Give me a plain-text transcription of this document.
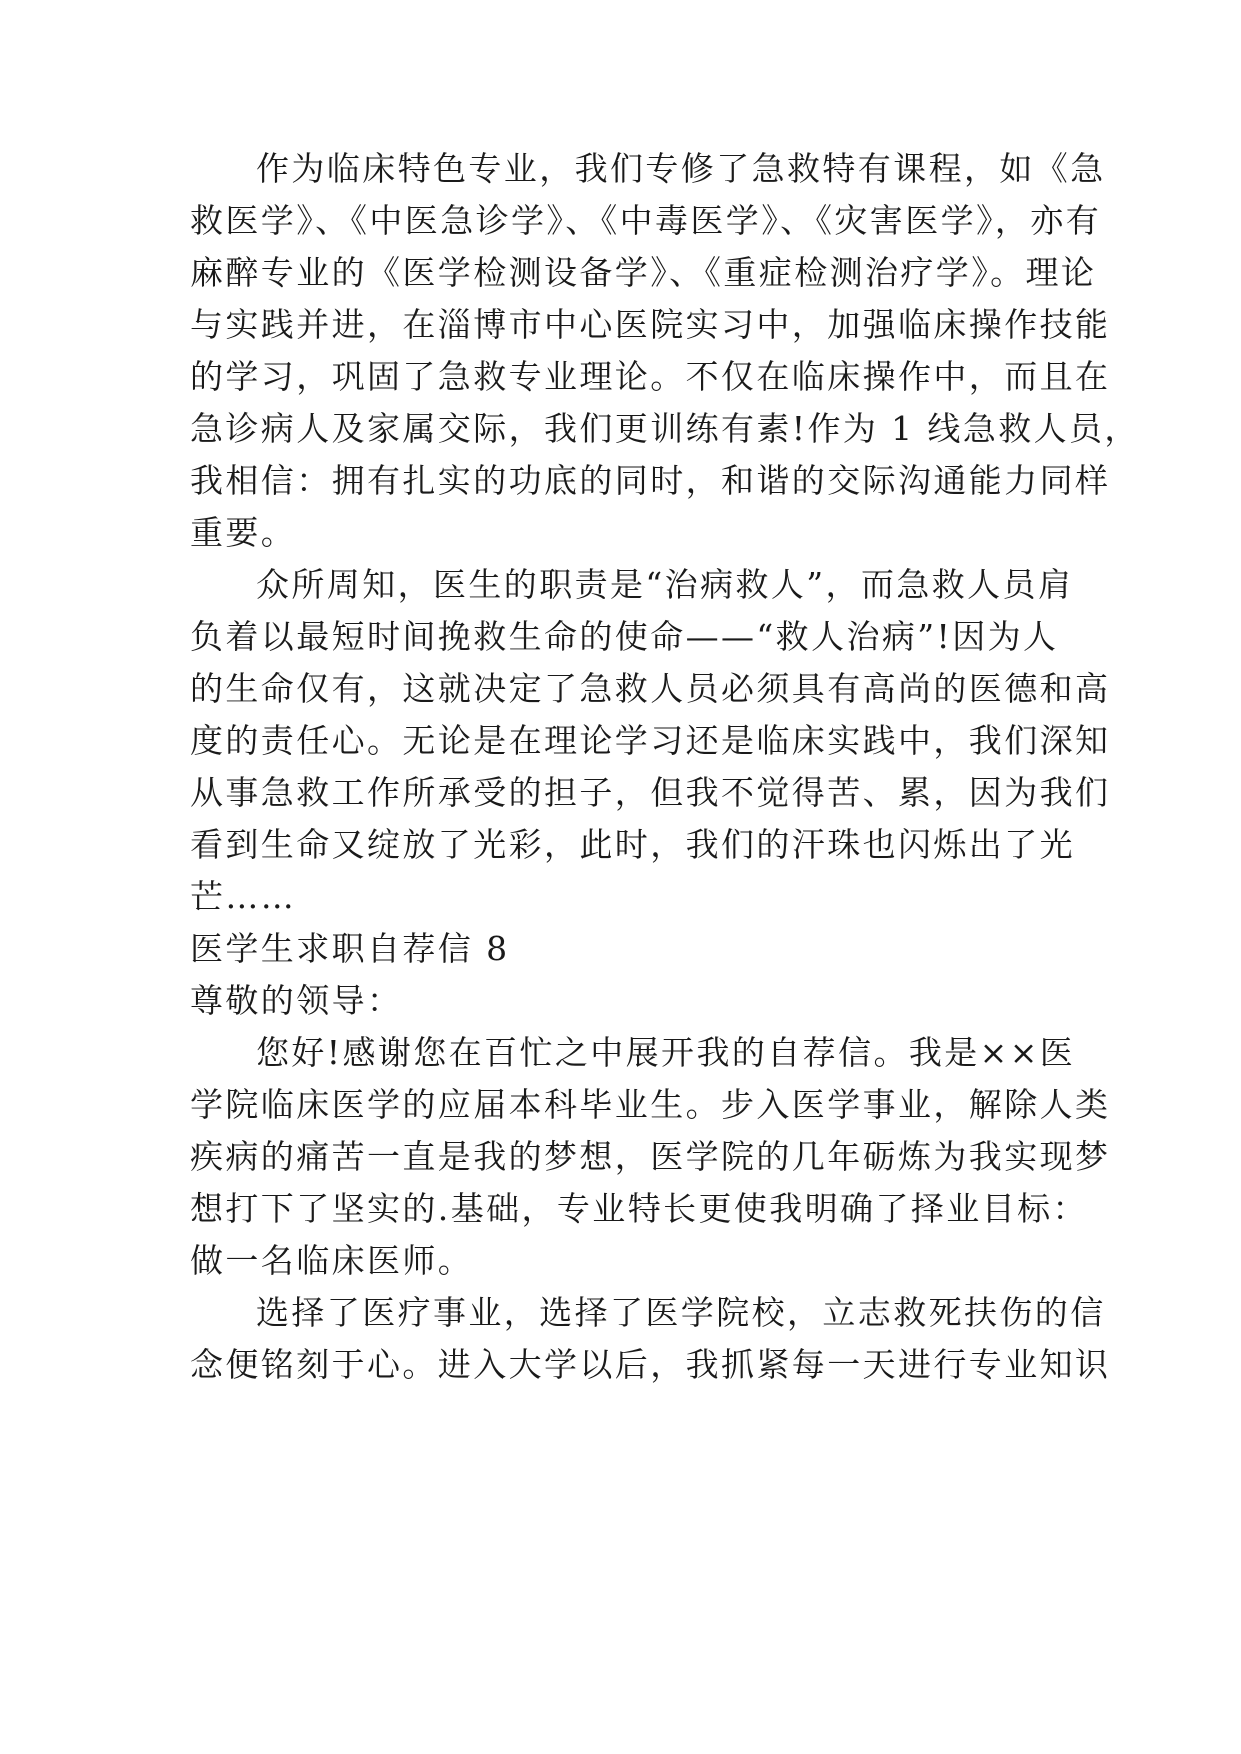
作为临床特色专业，我们专修了急救特有课程，如《急
救医学》、《中医急诊学》、《中毒医学》、《灾害医学》，亦有
麻醉专业的《医学检测设备学》、《重症检测治疗学》。理论
与实践并进，在淄博市中心医院实习中，加强临床操作技能
的学习，巩固了急救专业理论。不仅在临床操作中，而且在
急诊病人及家属交际，我们更训练有素!作为 1 线急救人员，
我相信：拥有扎实的功底的同时，和谐的交际沟通能力同样
重要。
众所周知，医生的职责是“治病救人”，而急救人员肩
负着以最短时间挽救生命的使命——“救人治病”!因为人
的生命仅有，这就决定了急救人员必须具有高尚的医德和高
度的责任心。无论是在理论学习还是临床实践中，我们深知
从事急救工作所承受的担子，但我不觉得苦、累，因为我们
看到生命又绽放了光彩，此时，我们的汗珠也闪烁出了光
芒……
医学生求职自荐信 8
尊敬的领导：
您好!感谢您在百忙之中展开我的自荐信。我是××医
学院临床医学的应届本科毕业生。步入医学事业，解除人类
疾病的痛苦一直是我的梦想，医学院的几年砺炼为我实现梦
想打下了坚实的.基础，专业特长更使我明确了择业目标：
做一名临床医师。
选择了医疗事业，选择了医学院校，立志救死扶伤的信
念便铭刻于心。进入大学以后，我抓紧每一天进行专业知识
